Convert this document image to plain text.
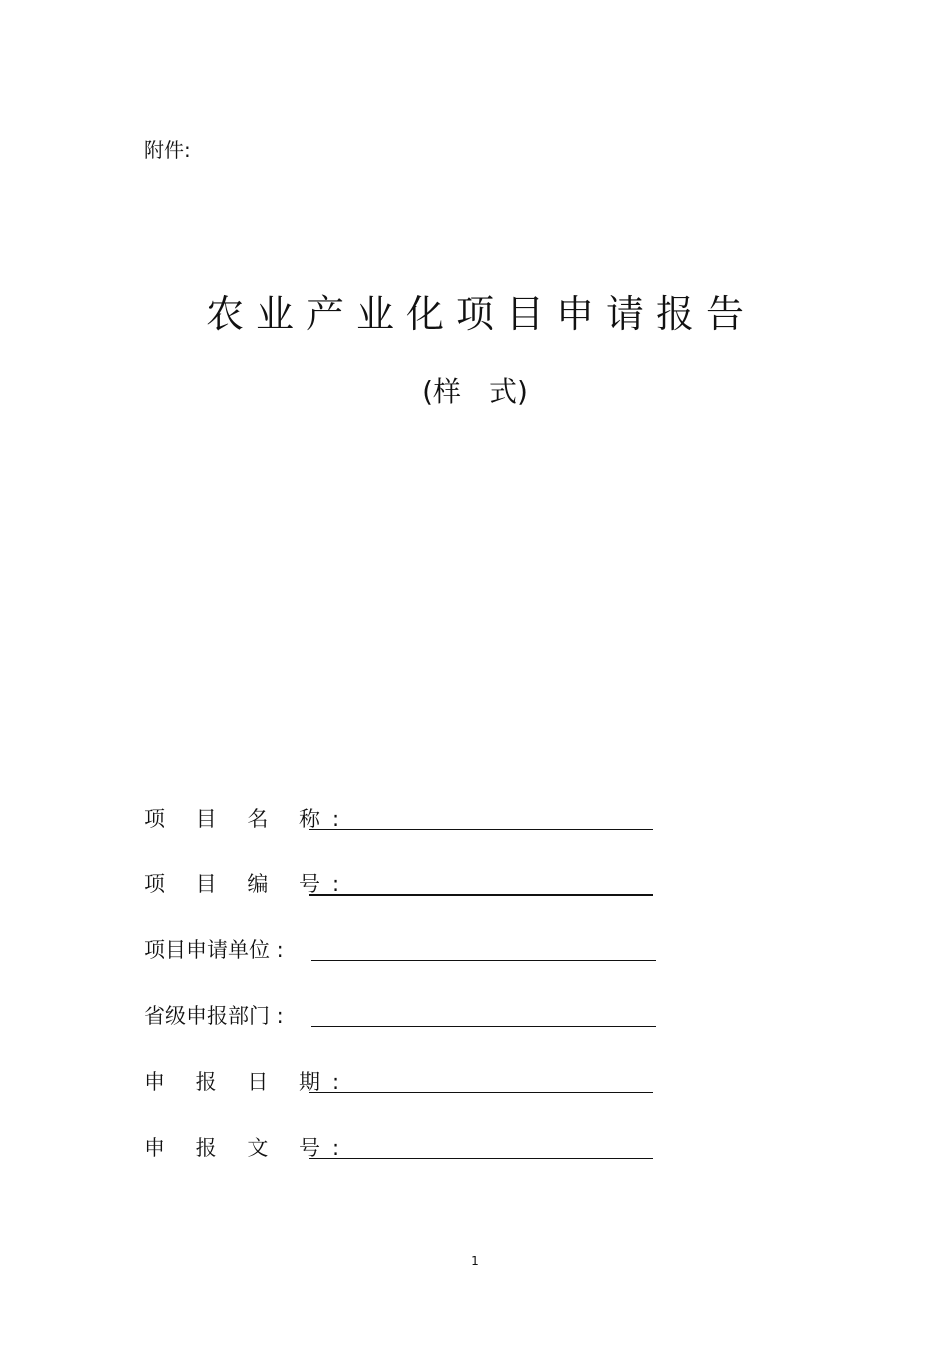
附件:
农业产业化项目申请报告
(样　式)
项 目 名 称:
项 目 编 号:
项目申请单位 :
省级申报部门 :
申 报 日 期:
申 报 文 号:
1
